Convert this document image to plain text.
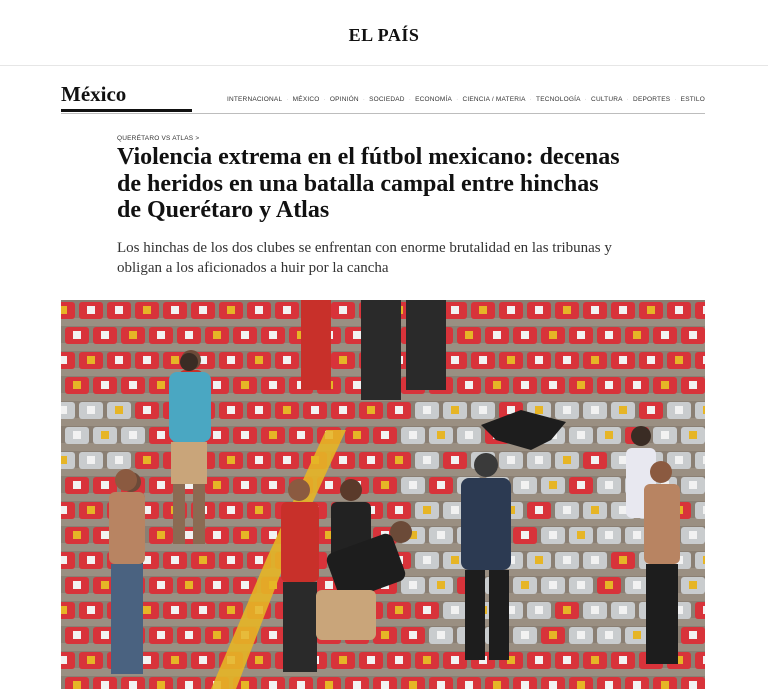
EL PAÍS
México	INTERNACIONAL · MÉXICO · OPINIÓN · SOCIEDAD · ECONOMÍA · CIENCIA / MATERIA · TECNOLOGÍA · CULTURA · DEPORTES · ESTILO
QUERÉTARO VS ATLAS >
Violencia extrema en el fútbol mexicano: decenas
de heridos en una batalla campal entre hinchas
de Querétaro y Atlas

Los hinchas de los dos clubes se enfrentan con enorme brutalidad en las tribunas y
obligan a los aficionados a huir por la cancha
